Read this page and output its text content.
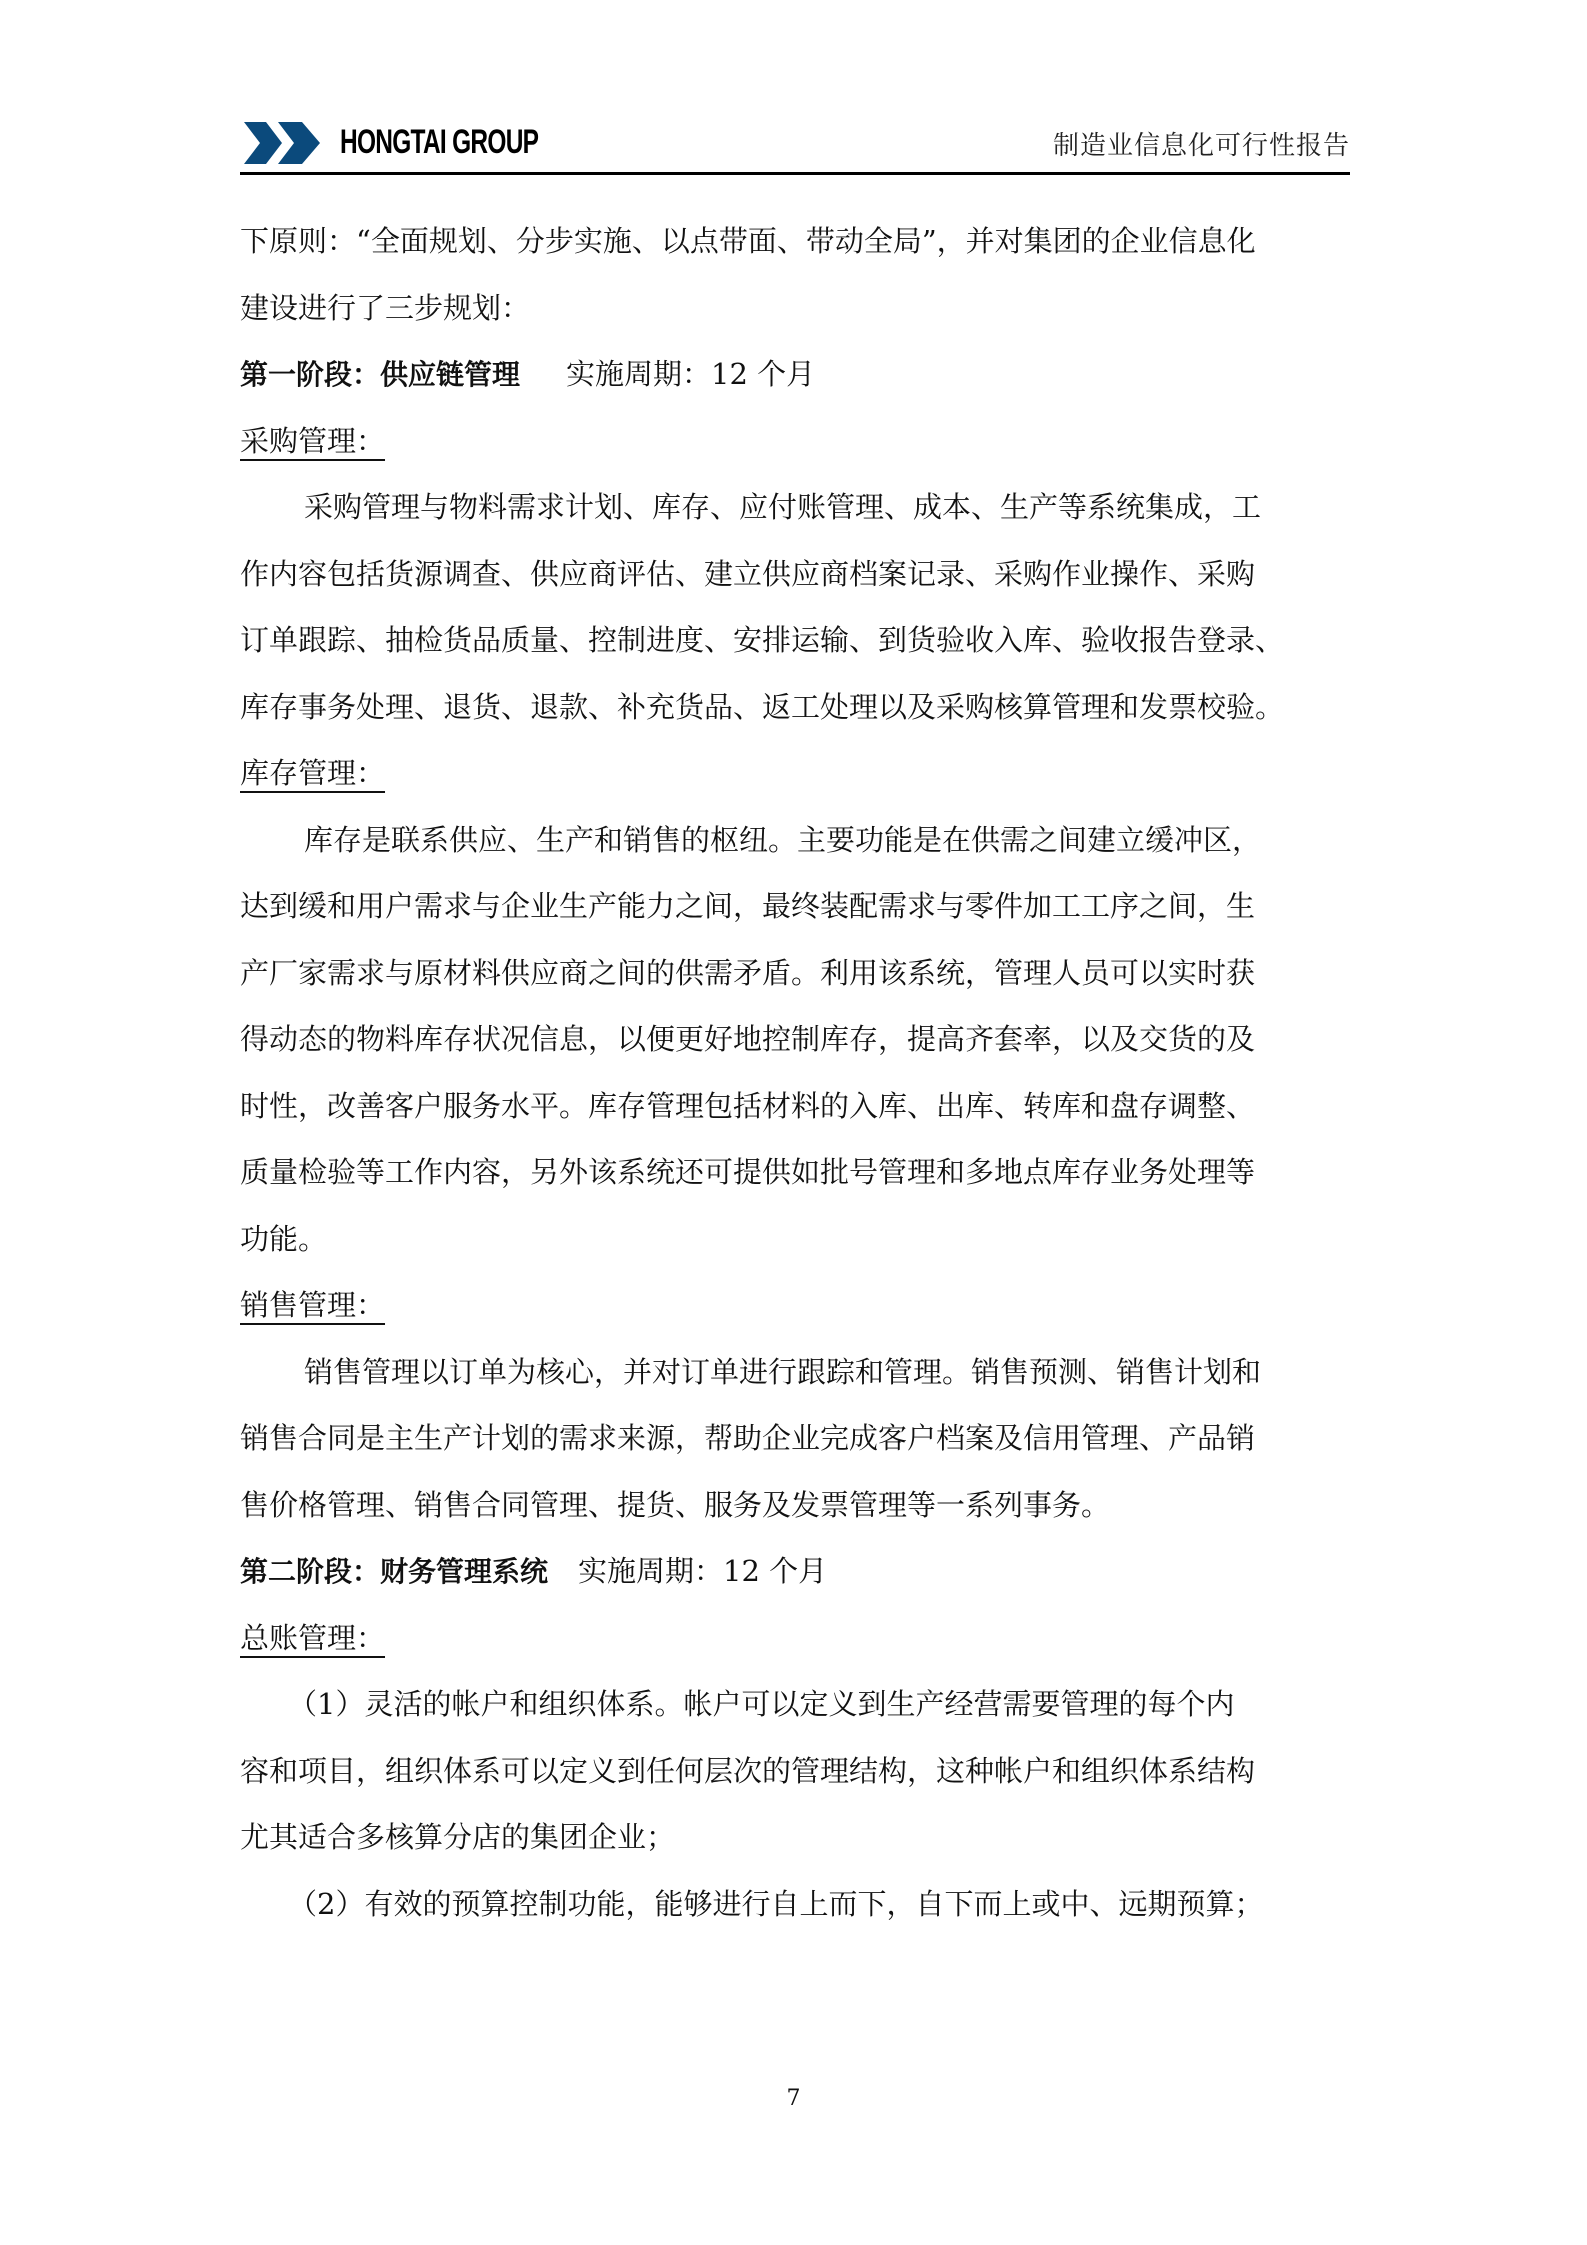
HONGTAI GROUP	制造业信息化可行性报告
下原则：“全面规划、分步实施、以点带面、带动全局”，并对集团的企业信息化
建设进行了三步规划：
第一阶段：供应链管理 实施周期：12 个月
采购管理：
采购管理与物料需求计划、库存、应付账管理、成本、生产等系统集成，工
作内容包括货源调查、供应商评估、建立供应商档案记录、采购作业操作、采购
订单跟踪、抽检货品质量、控制进度、安排运输、到货验收入库、验收报告登录、
库存事务处理、退货、退款、补充货品、返工处理以及采购核算管理和发票校验。
库存管理：
库存是联系供应、生产和销售的枢纽。主要功能是在供需之间建立缓冲区，
达到缓和用户需求与企业生产能力之间，最终装配需求与零件加工工序之间，生
产厂家需求与原材料供应商之间的供需矛盾。利用该系统，管理人员可以实时获
得动态的物料库存状况信息，以便更好地控制库存，提高齐套率，以及交货的及
时性，改善客户服务水平。库存管理包括材料的入库、出库、转库和盘存调整、
质量检验等工作内容，另外该系统还可提供如批号管理和多地点库存业务处理等
功能。
销售管理：
销售管理以订单为核心，并对订单进行跟踪和管理。销售预测、销售计划和
销售合同是主生产计划的需求来源，帮助企业完成客户档案及信用管理、产品销
售价格管理、销售合同管理、提货、服务及发票管理等一系列事务。
第二阶段：财务管理系统 实施周期：12 个月
总账管理：
（1）灵活的帐户和组织体系。帐户可以定义到生产经营需要管理的每个内
容和项目，组织体系可以定义到任何层次的管理结构，这种帐户和组织体系结构
尤其适合多核算分店的集团企业；
（2）有效的预算控制功能，能够进行自上而下，自下而上或中、远期预算；
7
